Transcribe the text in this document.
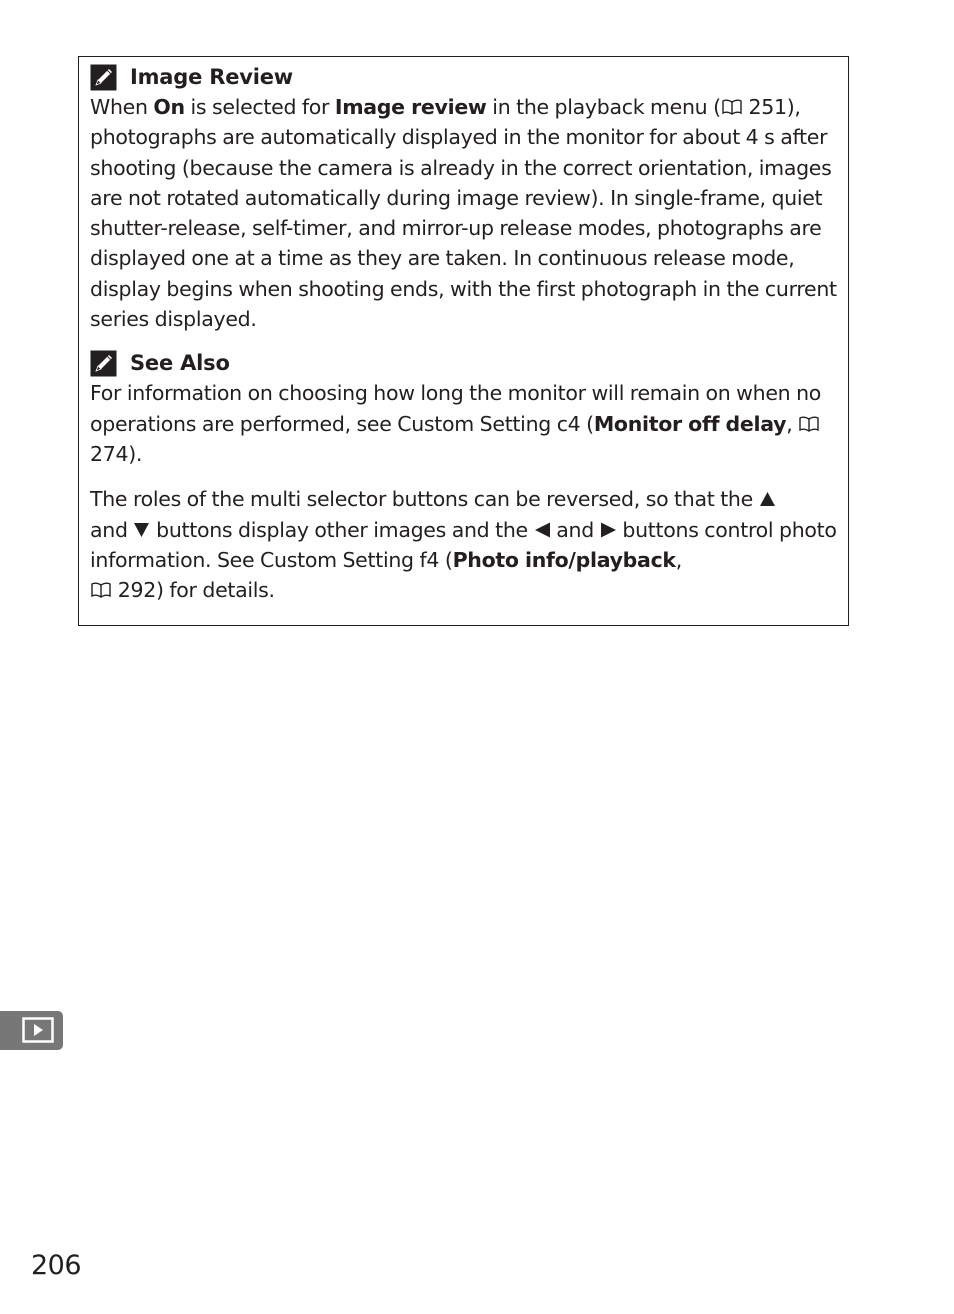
Image Review

When On is selected for Image review in the playback menu ( 251), photographs are automatically displayed in the monitor for about 4 s after shooting (because the camera is already in the correct orientation, images are not rotated automatically during image review). In single-frame, quiet shutter-release, self-timer, and mirror-up release modes, photographs are displayed one at a time as they are taken. In continuous release mode, display begins when shooting ends, with the first photograph in the current series displayed.

See Also

For information on choosing how long the monitor will remain on when no operations are performed, see Custom Setting c4 (Monitor off delay,  274).

The roles of the multi selector buttons can be reversed, so that the
and  buttons display other images and the  and  buttons control photo information. See Custom Setting f4 (Photo info/playback,
292) for details.

206
